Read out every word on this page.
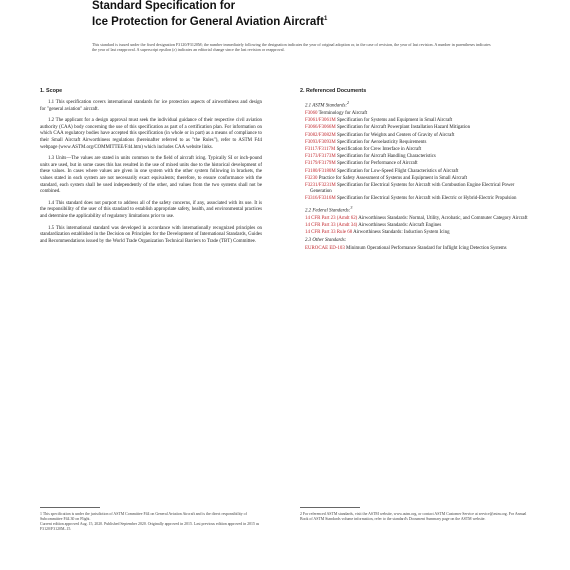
Standard Specification for
Ice Protection for General Aviation Aircraft$^1$
This standard is issued under the fixed designation F3120/F3120M; the number immediately following the designation indicates the year of original adoption or, in the case of revision, the year of last revision. A number in parentheses indicates the year of last reapproval. A superscript epsilon (ε) indicates an editorial change since the last revision or reapproval.
1. Scope
1.1 This specification covers international standards for ice protection aspects of airworthiness and design for "general aviation" aircraft.
1.2 The applicant for a design approval must seek the individual guidance of their respective civil aviation authority (CAA) body concerning the use of this specification as part of a certification plan. For information on which CAA regulatory bodies have accepted this specification (in whole or in part) as a means of compliance to their Small Aircraft Airworthiness regulations (hereinafter referred to as "the Rules"), refer to ASTM F44 webpage (www.ASTM.org/COMMITTEE/F44.htm) which includes CAA website links.
1.3 Units—The values are stated in units common to the field of aircraft icing. Typically SI or inch-pound units are used, but in some cases this has resulted in the use of mixed units due to the historical development of these values. In cases where values are given in one system with the other system following in brackets, the values stated in each system are not necessarily exact equivalents; therefore, to ensure conformance with the standard, each system shall be used independently of the other, and values from the two systems shall not be combined.
1.4 This standard does not purport to address all of the safety concerns, if any, associated with its use. It is the responsibility of the user of this standard to establish appropriate safety, health, and environmental practices and determine the applicability of regulatory limitations prior to use.
1.5 This international standard was developed in accordance with internationally recognized principles on standardization established in the Decision on Principles for the Development of International Standards, Guides and Recommendations issued by the World Trade Organization Technical Barriers to Trade (TBT) Committee.
2. Referenced Documents
2.1 ASTM Standards:$^2$
F3060 Terminology for Aircraft
F3061/F3061M Specification for Systems and Equipment in Small Aircraft
F3066/F3066M Specification for Aircraft Powerplant Installation Hazard Mitigation
F3082/F3082M Specification for Weights and Centers of Gravity of Aircraft
F3093/F3093M Specification for Aeroelasticity Requirements
F3117/F3117M Specification for Crew Interface in Aircraft
F3173/F3173M Specification for Aircraft Handling Characteristics
F3179/F3179M Specification for Performance of Aircraft
F3180/F3180M Specification for Low-Speed Flight Characteristics of Aircraft
F3230 Practice for Safety Assessment of Systems and Equipment in Small Aircraft
F3231/F3231M Specification for Electrical Systems for Aircraft with Combustion Engine Electrical Power Generation
F3316/F3316M Specification for Electrical Systems for Aircraft with Electric or Hybrid-Electric Propulsion
2.2 Federal Standards:$^3$
14 CFR Part 23 (Amdt 62) Airworthiness Standards: Normal, Utility, Acrobatic, and Commuter Category Aircraft
14 CFR Part 33 (Amdt 34) Airworthiness Standards: Aircraft Engines
14 CFR Part 33 Rule 68 Airworthiness Standards: Induction System Icing
2.3 Other Standards:
EUROCAE ED-103 Minimum Operational Performance Standard for Inflight Icing Detection Systems
1 This specification is under the jurisdiction of ASTM Committee F44 on General Aviation Aircraft and is the direct responsibility of Subcommittee F44.30 on Flight.
Current edition approved Aug. 15, 2020. Published September 2020. Originally approved in 2015. Last previous edition approved in 2015 as F3120/F3120M–15.
2 For referenced ASTM standards, visit the ASTM website, www.astm.org, or contact ASTM Customer Service at service@astm.org. For Annual Book of ASTM Standards volume information, refer to the standard's Document Summary page on the ASTM website.
